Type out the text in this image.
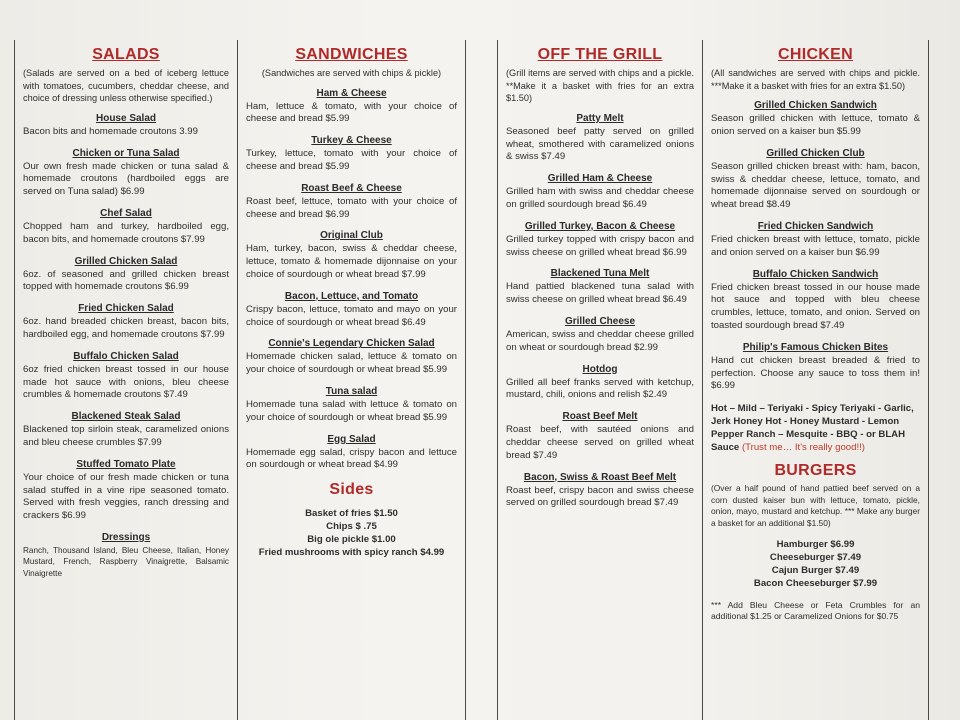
SALADS
(Salads are served on a bed of iceberg lettuce with tomatoes, cucumbers, cheddar cheese, and choice of dressing unless otherwise specified.)
House Salad
Bacon bits and homemade croutons 3.99
Chicken or Tuna Salad
Our own fresh made chicken or tuna salad & homemade croutons (hardboiled eggs are served on Tuna salad) $6.99
Chef Salad
Chopped ham and turkey, hardboiled egg, bacon bits, and homemade croutons $7.99
Grilled Chicken Salad
6oz. of seasoned and grilled chicken breast topped with homemade croutons $6.99
Fried Chicken Salad
6oz. hand breaded chicken breast, bacon bits, hardboiled egg, and homemade croutons $7.99
Buffalo Chicken Salad
6oz fried chicken breast tossed in our house made hot sauce with onions, bleu cheese crumbles & homemade croutons $7.49
Blackened Steak Salad
Blackened top sirloin steak, caramelized onions and bleu cheese crumbles $7.99
Stuffed Tomato Plate
Your choice of our fresh made chicken or tuna salad stuffed in a vine ripe seasoned tomato. Served with fresh veggies, ranch dressing and crackers $6.99
Dressings
Ranch, Thousand Island, Bleu Cheese, Italian, Honey Mustard, French, Raspberry Vinaigrette, Balsamic Vinaigrette
SANDWICHES
(Sandwiches are served with chips & pickle)
Ham & Cheese
Ham, lettuce & tomato, with your choice of cheese and bread $5.99
Turkey & Cheese
Turkey, lettuce, tomato with your choice of cheese and bread $5.99
Roast Beef & Cheese
Roast beef, lettuce, tomato with your choice of cheese and bread $6.99
Original Club
Ham, turkey, bacon, swiss & cheddar cheese, lettuce, tomato & homemade dijonnaise on your choice of sourdough or wheat bread $7.99
Bacon, Lettuce, and Tomato
Crispy bacon, lettuce, tomato and mayo on your choice of sourdough or wheat bread $6.49
Connie's Legendary Chicken Salad
Homemade chicken salad, lettuce & tomato on your choice of sourdough or wheat bread $5.99
Tuna salad
Homemade tuna salad with lettuce & tomato on your choice of sourdough or wheat bread $5.99
Egg Salad
Homemade egg salad, crispy bacon and lettuce on sourdough or wheat bread $4.99
Sides
Basket of fries $1.50
Chips $ .75
Big ole pickle $1.00
Fried mushrooms with spicy ranch $4.99
OFF THE GRILL
(Grill items are served with chips and a pickle. **Make it a basket with fries for an extra $1.50)
Patty Melt
Seasoned beef patty served on grilled wheat, smothered with caramelized onions & swiss $7.49
Grilled Ham & Cheese
Grilled ham with swiss and cheddar cheese on grilled sourdough bread $6.49
Grilled Turkey, Bacon & Cheese
Grilled turkey topped with crispy bacon and swiss cheese on grilled wheat bread $6.99
Blackened Tuna Melt
Hand pattied blackened tuna salad with swiss cheese on grilled wheat bread $6.49
Grilled Cheese
American, swiss and cheddar cheese grilled on wheat or sourdough bread $2.99
Hotdog
Grilled all beef franks served with ketchup, mustard, chili, onions and relish $2.49
Roast Beef Melt
Roast beef, with sautéed onions and cheddar cheese served on grilled wheat bread $7.49
Bacon, Swiss & Roast Beef Melt
Roast beef, crispy bacon and swiss cheese served on grilled sourdough bread $7.49
CHICKEN
(All sandwiches are served with chips and pickle. ***Make it a basket with fries for an extra $1.50)
Grilled Chicken Sandwich
Season grilled chicken with lettuce, tomato & onion served on a kaiser bun $5.99
Grilled Chicken Club
Season grilled chicken breast with: ham, bacon, swiss & cheddar cheese, lettuce, tomato, and homemade dijonnaise served on sourdough or wheat bread $8.49
Fried Chicken Sandwich
Fried chicken breast with lettuce, tomato, pickle and onion served on a kaiser bun $6.99
Buffalo Chicken Sandwich
Fried chicken breast tossed in our house made hot sauce and topped with bleu cheese crumbles, lettuce, tomato, and onion. Served on toasted sourdough bread $7.49
Philip's Famous Chicken Bites
Hand cut chicken breast breaded & fried to perfection. Choose any sauce to toss them in! $6.99
Hot – Mild – Teriyaki - Spicy Teriyaki - Garlic, Jerk Honey Hot - Honey Mustard - Lemon Pepper Ranch – Mesquite - BBQ - or BLAH Sauce (Trust me… It's really good!!)
BURGERS
(Over a half pound of hand pattied beef served on a corn dusted kaiser bun with lettuce, tomato, pickle, onion, mayo, mustard and ketchup. *** Make any burger a basket for an additional $1.50)
Hamburger $6.99
Cheeseburger $7.49
Cajun Burger $7.49
Bacon Cheeseburger $7.99
*** Add Bleu Cheese or Feta Crumbles for an additional $1.25 or Caramelized Onions for $0.75
